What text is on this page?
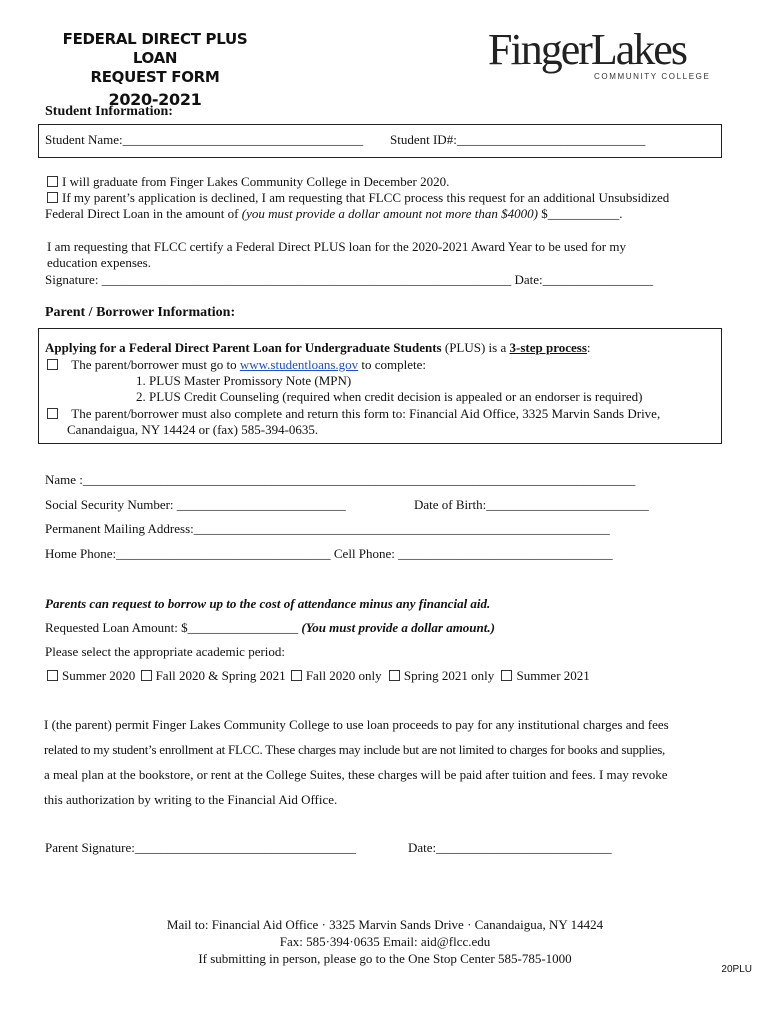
FEDERAL DIRECT PLUS LOAN
REQUEST FORM
2020-2021
FingerLakes
COMMUNITY COLLEGE
Student Information:
Student Name:_____________________________________ Student ID#:_____________________________
I will graduate from Finger Lakes Community College in December 2020.
If my parent’s application is declined, I am requesting that FLCC process this request for an additional Unsubsidized
Federal Direct Loan in the amount of (you must provide a dollar amount not more than $4000) $___________.
I am requesting that FLCC certify a Federal Direct PLUS loan for the 2020-2021 Award Year to be used for my
education expenses.
Signature: _______________________________________________________________ Date:_________________
Parent / Borrower Information:
Applying for a Federal Direct Parent Loan for Undergraduate Students (PLUS) is a 3-step process:
The parent/borrower must go to www.studentloans.gov to complete:
1. PLUS Master Promissory Note (MPN)
2. PLUS Credit Counseling (required when credit decision is appealed or an endorser is required)
The parent/borrower must also complete and return this form to: Financial Aid Office, 3325 Marvin Sands Drive,
Canandaigua, NY 14424 or (fax) 585-394-0635.
Name :_____________________________________________________________________________________
Social Security Number: __________________________	Date of Birth:_________________________
Permanent Mailing Address:________________________________________________________________
Home Phone:_________________________________ Cell Phone: _________________________________
Parents can request to borrow up to the cost of attendance minus any financial aid.
Requested Loan Amount: $_________________ (You must provide a dollar amount.)
Please select the appropriate academic period:
Summer 2020 Fall 2020 & Spring 2021 Fall 2020 only Spring 2021 only Summer 2021
I (the parent) permit Finger Lakes Community College to use loan proceeds to pay for any institutional charges and fees
related to my student’s enrollment at FLCC. These charges may include but are not limited to charges for books and supplies,
a meal plan at the bookstore, or rent at the College Suites, these charges will be paid after tuition and fees. I may revoke
this authorization by writing to the Financial Aid Office.
Parent Signature:__________________________________	Date:___________________________
Mail to: Financial Aid Office · 3325 Marvin Sands Drive · Canandaigua, NY 14424
Fax: 585·394·0635 Email: aid@flcc.edu
If submitting in person, please go to the One Stop Center 585-785-1000
20PLU
